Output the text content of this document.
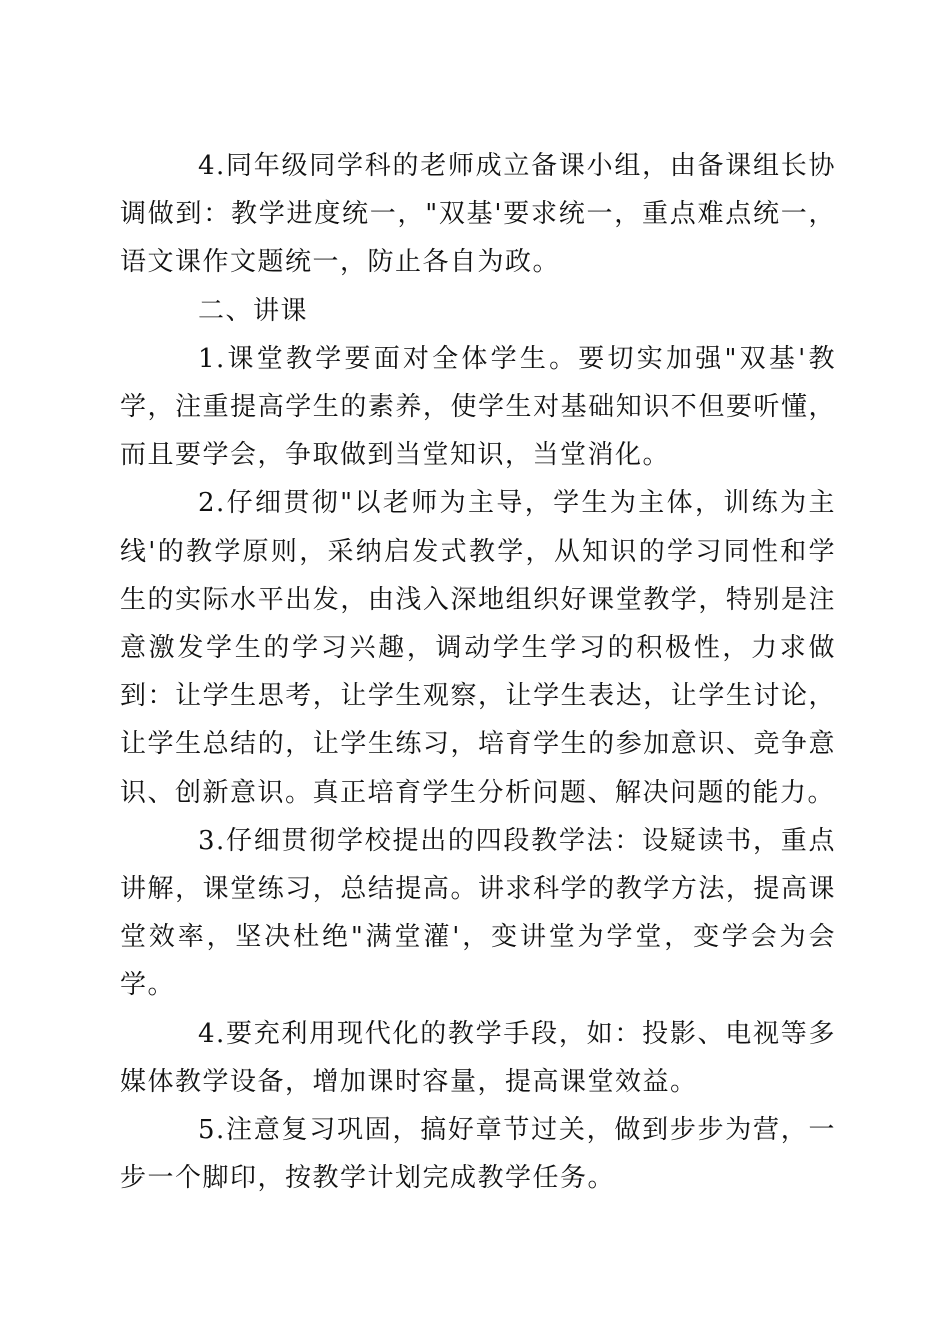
4.同年级同学科的老师成立备课小组，由备课组长协调做到：教学进度统一，"双基'要求统一，重点难点统一，语文课作文题统一，防止各自为政。

二、讲课

1.课堂教学要面对全体学生。要切实加强"双基'教学，注重提高学生的素养，使学生对基础知识不但要听懂，而且要学会，争取做到当堂知识，当堂消化。

2.仔细贯彻"以老师为主导，学生为主体，训练为主线'的教学原则，采纳启发式教学，从知识的学习同性和学生的实际水平出发，由浅入深地组织好课堂教学，特别是注意激发学生的学习兴趣，调动学生学习的积极性，力求做到：让学生思考，让学生观察，让学生表达，让学生讨论，让学生总结的，让学生练习，培育学生的参加意识、竞争意识、创新意识。真正培育学生分析问题、解决问题的能力。

3.仔细贯彻学校提出的四段教学法：设疑读书，重点讲解，课堂练习，总结提高。讲求科学的教学方法，提高课堂效率，坚决杜绝"满堂灌'，变讲堂为学堂，变学会为会学。

4.要充利用现代化的教学手段，如：投影、电视等多媒体教学设备，增加课时容量，提高课堂效益。

5.注意复习巩固，搞好章节过关，做到步步为营，一步一个脚印，按教学计划完成教学任务。
